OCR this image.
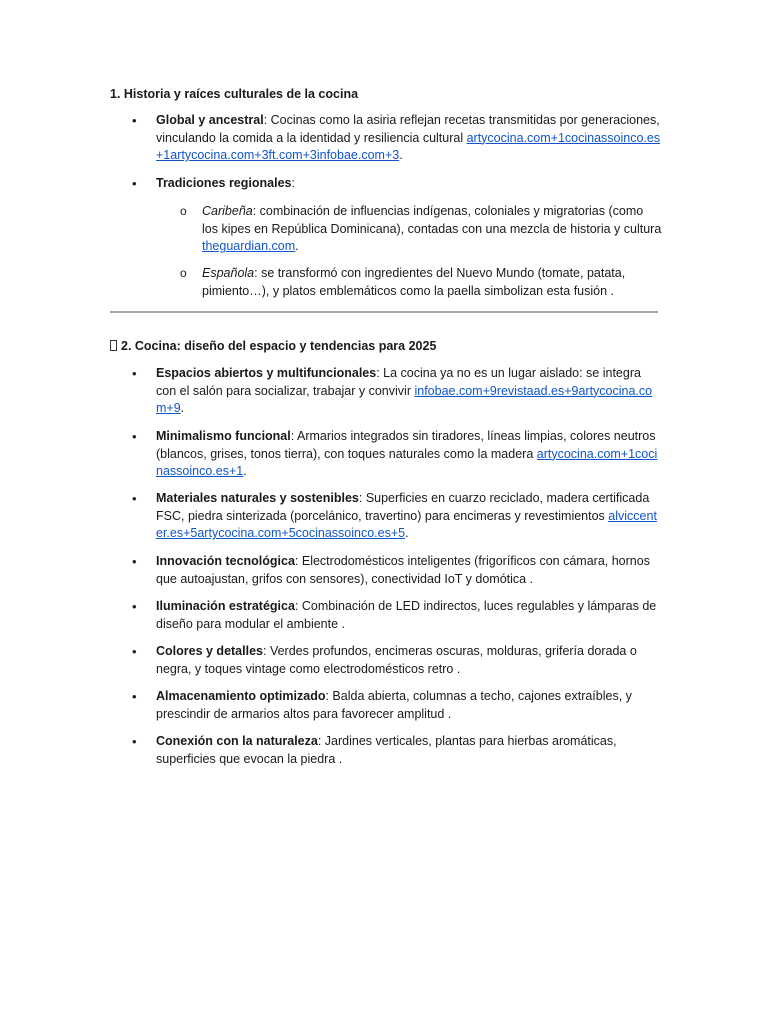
1. Historia y raíces culturales de la cocina
• Global y ancestral: Cocinas como la asiria reflejan recetas transmitidas por generaciones, vinculando la comida a la identidad y resiliencia cultural artycocina.com+1cocinassoinco.es+1artycocina.com+3ft.com+3infobae.com+3.
• Tradiciones regionales:
o Caribeña: combinación de influencias indígenas, coloniales y migratorias (como los kipes en República Dominicana), contadas con una mezcla de historia y cultura theguardian.com.
o Española: se transformó con ingredientes del Nuevo Mundo (tomate, patata, pimiento…), y platos emblemáticos como la paella simbolizan esta fusión .
2. Cocina: diseño del espacio y tendencias para 2025
• Espacios abiertos y multifuncionales: La cocina ya no es un lugar aislado: se integra con el salón para socializar, trabajar y convivir infobae.com+9revistaad.es+9artycocina.com+9.
• Minimalismo funcional: Armarios integrados sin tiradores, líneas limpias, colores neutros (blancos, grises, tonos tierra), con toques naturales como la madera artycocina.com+1cocinassoinco.es+1.
• Materiales naturales y sostenibles: Superficies en cuarzo reciclado, madera certificada FSC, piedra sinterizada (porcelánico, travertino) para encimeras y revestimientos alviccenter.es+5artycocina.com+5cocinassoinco.es+5.
• Innovación tecnológica: Electrodomésticos inteligentes (frigoríficos con cámara, hornos que autoajustan, grifos con sensores), conectividad IoT y domótica .
• Iluminación estratégica: Combinación de LED indirectos, luces regulables y lámparas de diseño para modular el ambiente .
• Colores y detalles: Verdes profundos, encimeras oscuras, molduras, grifería dorada o negra, y toques vintage como electrodomésticos retro .
• Almacenamiento optimizado: Balda abierta, columnas a techo, cajones extraíbles, y prescindir de armarios altos para favorecer amplitud .
• Conexión con la naturaleza: Jardines verticales, plantas para hierbas aromáticas, superficies que evocan la piedra .
